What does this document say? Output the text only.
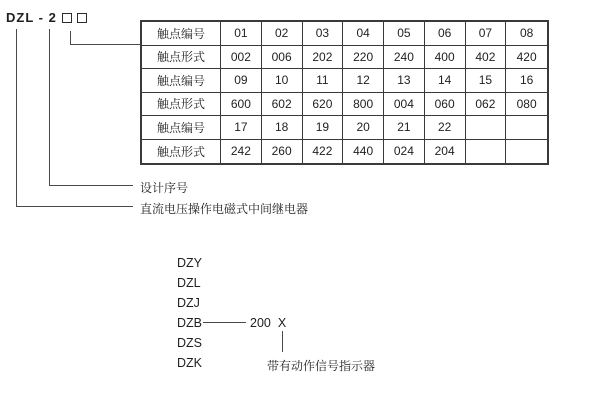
DZL - 2
触点编号	01	02	03	04	05	06	07	08
触点形式	002	006	202	220	240	400	402	420
触点编号	09	10	11	12	13	14	15	16
触点形式	600	602	620	800	004	060	062	080
触点编号	17	18	19	20	21	22
触点形式	242	260	422	440	024	204
设计序号
直流电压操作电磁式中间继电器
DZY
DZL
DZJ
DZB
DZS
DZK
200 X
带有动作信号指示器
